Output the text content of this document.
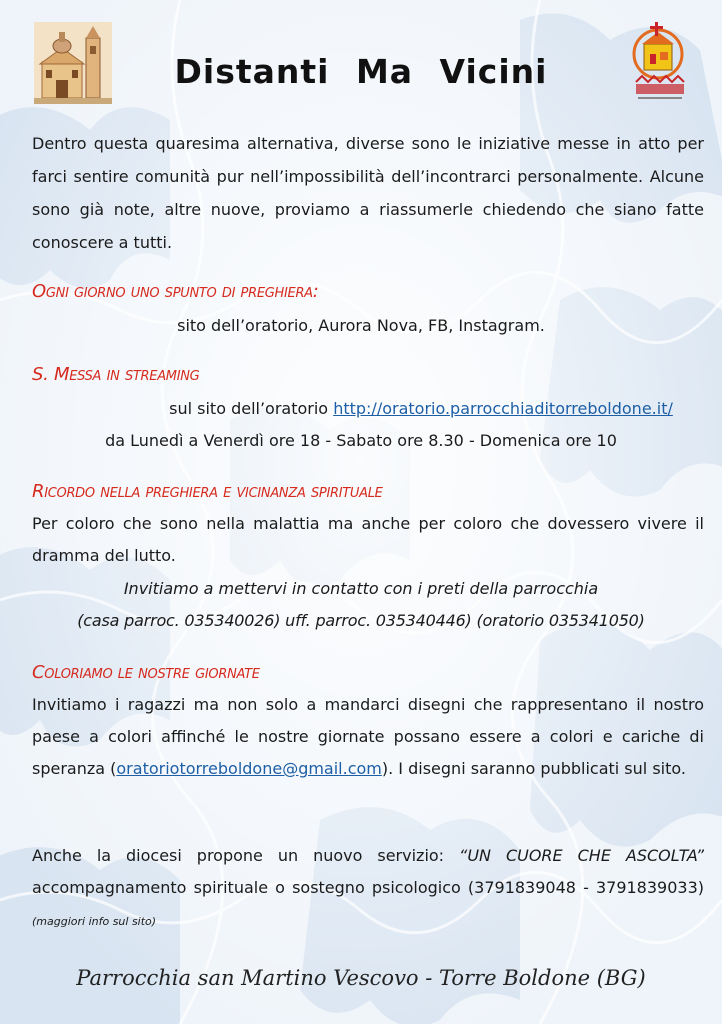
Distanti Ma Vicini

Dentro questa quaresima alternativa, diverse sono le iniziative messe in atto per farci sentire comunità pur nell’impossibilità dell’incontrarci personalmente. Alcune sono già note, altre nuove, proviamo a riassumerle chiedendo che siano fatte conoscere a tutti.

Ogni giorno uno spunto di preghiera:
sito dell’oratorio, Aurora Nova, FB, Instagram.
S. Messa in streaming
sul sito dell’oratorio http://oratorio.parrocchiaditorreboldone.it/
da Lunedì a Venerdì ore 18 - Sabato ore 8.30 - Domenica ore 10
Ricordo nella preghiera e vicinanza spirituale

Per coloro che sono nella malattia ma anche per coloro che dovessero vivere il dramma del lutto.

Invitiamo a mettervi in contatto con i preti della parrocchia
(casa parroc. 035340026) uff. parroc. 035340446) (oratorio 035341050)
Coloriamo le nostre giornate

Invitiamo i ragazzi ma non solo a mandarci disegni che rappresentano il nostro paese a colori affinché le nostre giornate possano essere a colori e cariche di speranza (oratoriotorreboldone@gmail.com). I disegni saranno pubblicati sul sito.

Anche la diocesi propone un nuovo servizio: “UN CUORE CHE ASCOLTA” accompagnamento spirituale o sostegno psicologico (3791839048 - 3791839033) (maggiori info sul sito)

Parrocchia san Martino Vescovo - Torre Boldone (BG)
